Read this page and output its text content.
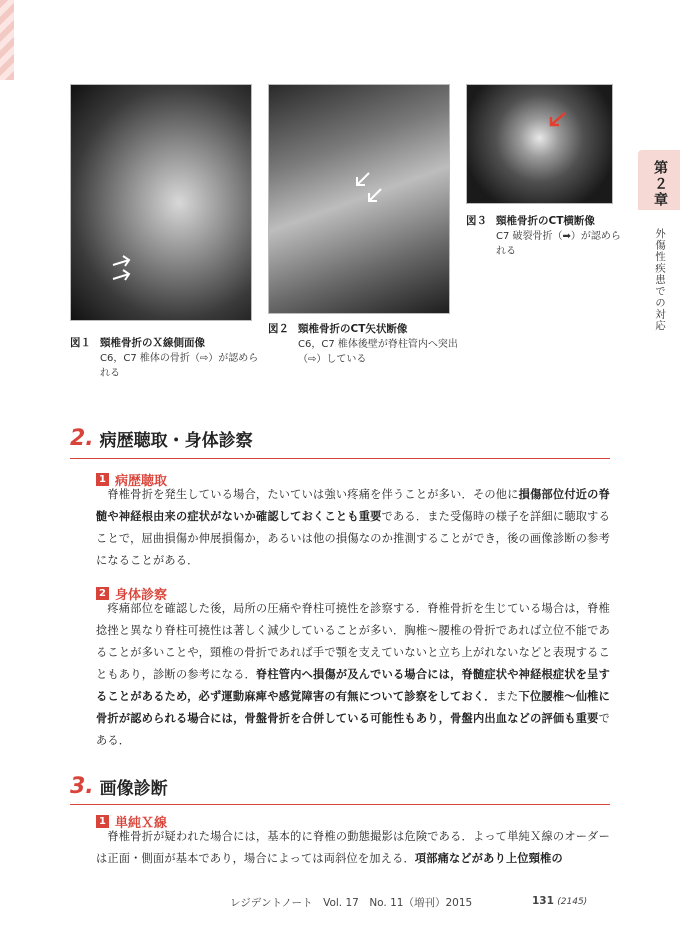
図１ 頸椎骨折のＸ線側面像
C6，C7 椎体の骨折（⇨）が認められる
図２ 頸椎骨折のCT矢状断像
C6，C7 椎体後壁が脊柱管内へ突出（⇨）している
図３ 頸椎骨折のCT横断像
C7 破裂骨折（➡）が認められる
第２章
外傷性疾患での対応
2. 病歴聴取・身体診察
1 病歴聴取
　脊椎骨折を発生している場合，たいていは強い疼痛を伴うことが多い．その他に損傷部位付近の脊髄や神経根由来の症状がないか確認しておくことも重要である．また受傷時の様子を詳細に聴取することで，屈曲損傷か伸展損傷か，あるいは他の損傷なのか推測することができ，後の画像診断の参考になることがある．
2 身体診察
　疼痛部位を確認した後，局所の圧痛や脊柱可撓性を診察する．脊椎骨折を生じている場合は，脊椎捻挫と異なり脊柱可撓性は著しく減少していることが多い．胸椎〜腰椎の骨折であれば立位不能であることが多いことや，頸椎の骨折であれば手で顎を支えていないと立ち上がれないなどと表現することもあり，診断の参考になる．脊柱管内へ損傷が及んでいる場合には，脊髄症状や神経根症状を呈することがあるため，必ず運動麻痺や感覚障害の有無について診察をしておく．また下位腰椎〜仙椎に骨折が認められる場合には，骨盤骨折を合併している可能性もあり，骨盤内出血などの評価も重要である．
3. 画像診断
1 単純Ｘ線
　脊椎骨折が疑われた場合には，基本的に脊椎の動態撮影は危険である．よって単純Ｘ線のオーダーは正面・側面が基本であり，場合によっては両斜位を加える．項部痛などがあり上位頸椎の
レジデントノート　Vol. 17　No. 11（増刊）2015	131 (2145)
